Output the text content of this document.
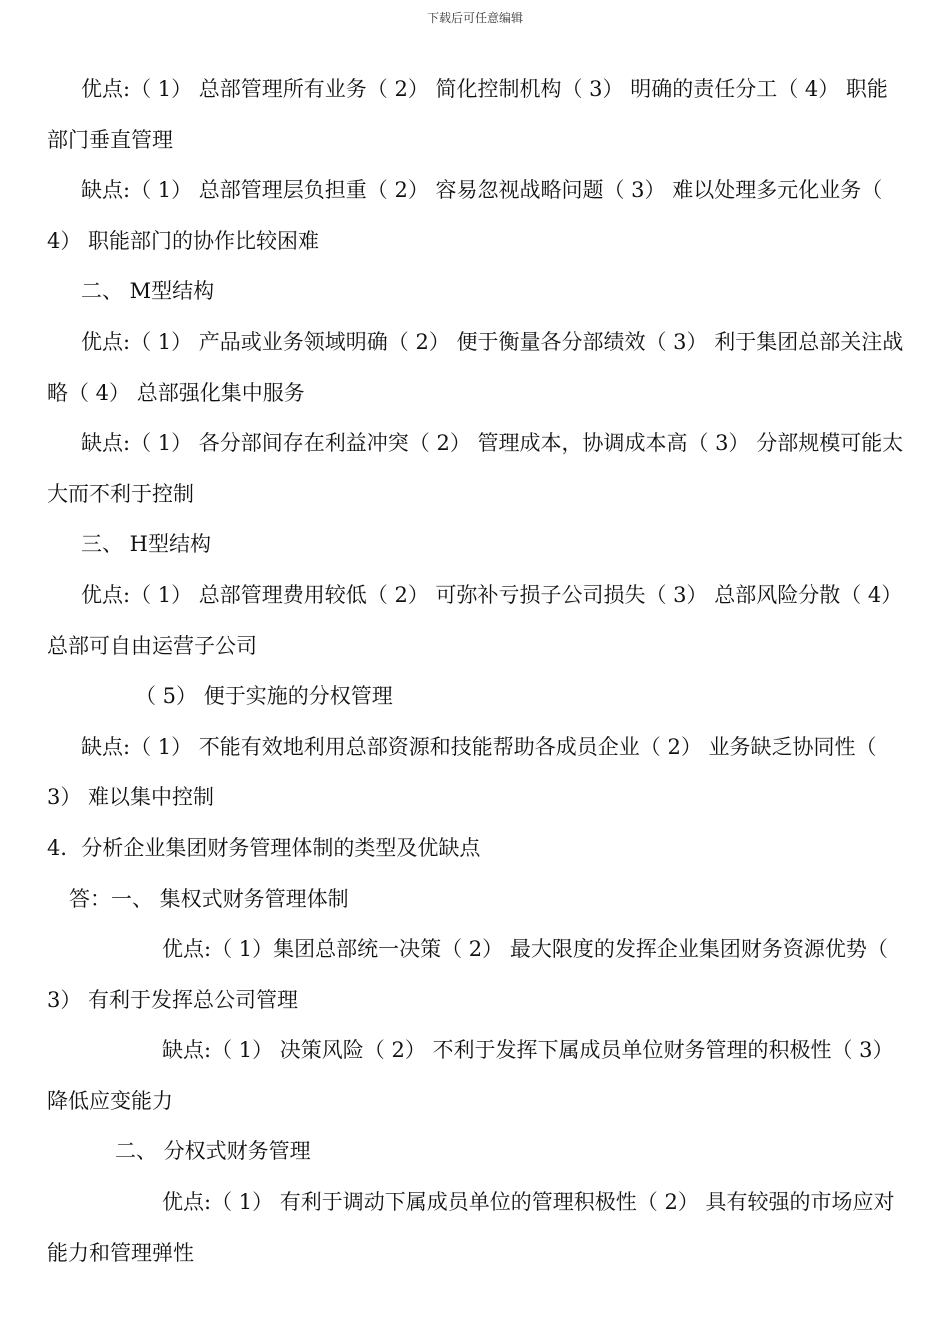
下载后可任意编辑

优点:（ 1） 总部管理所有业务（ 2） 简化控制机构（ 3） 明确的责任分工（ 4） 职能部门垂直管理

缺点:（ 1） 总部管理层负担重（ 2） 容易忽视战略问题（ 3） 难以处理多元化业务（ 4） 职能部门的协作比较困难

二、 M型结构

优点:（ 1） 产品或业务领域明确（ 2） 便于衡量各分部绩效（ 3） 利于集团总部关注战略（ 4） 总部强化集中服务

缺点:（ 1） 各分部间存在利益冲突（ 2） 管理成本，协调成本高（ 3） 分部规模可能太大而不利于控制

三、 H型结构

优点:（ 1） 总部管理费用较低（ 2） 可弥补亏损子公司损失（ 3） 总部风险分散（ 4） 总部可自由运营子公司

（ 5） 便于实施的分权管理

缺点:（ 1） 不能有效地利用总部资源和技能帮助各成员企业（ 2） 业务缺乏协同性（ 3） 难以集中控制

4．分析企业集团财务管理体制的类型及优缺点

答：一、 集权式财务管理体制

优点:（ 1）集团总部统一决策（ 2） 最大限度的发挥企业集团财务资源优势（ 3） 有利于发挥总公司管理

缺点:（ 1） 决策风险（ 2） 不利于发挥下属成员单位财务管理的积极性（ 3） 降低应变能力

二、 分权式财务管理

优点:（ 1） 有利于调动下属成员单位的管理积极性（ 2） 具有较强的市场应对能力和管理弹性
